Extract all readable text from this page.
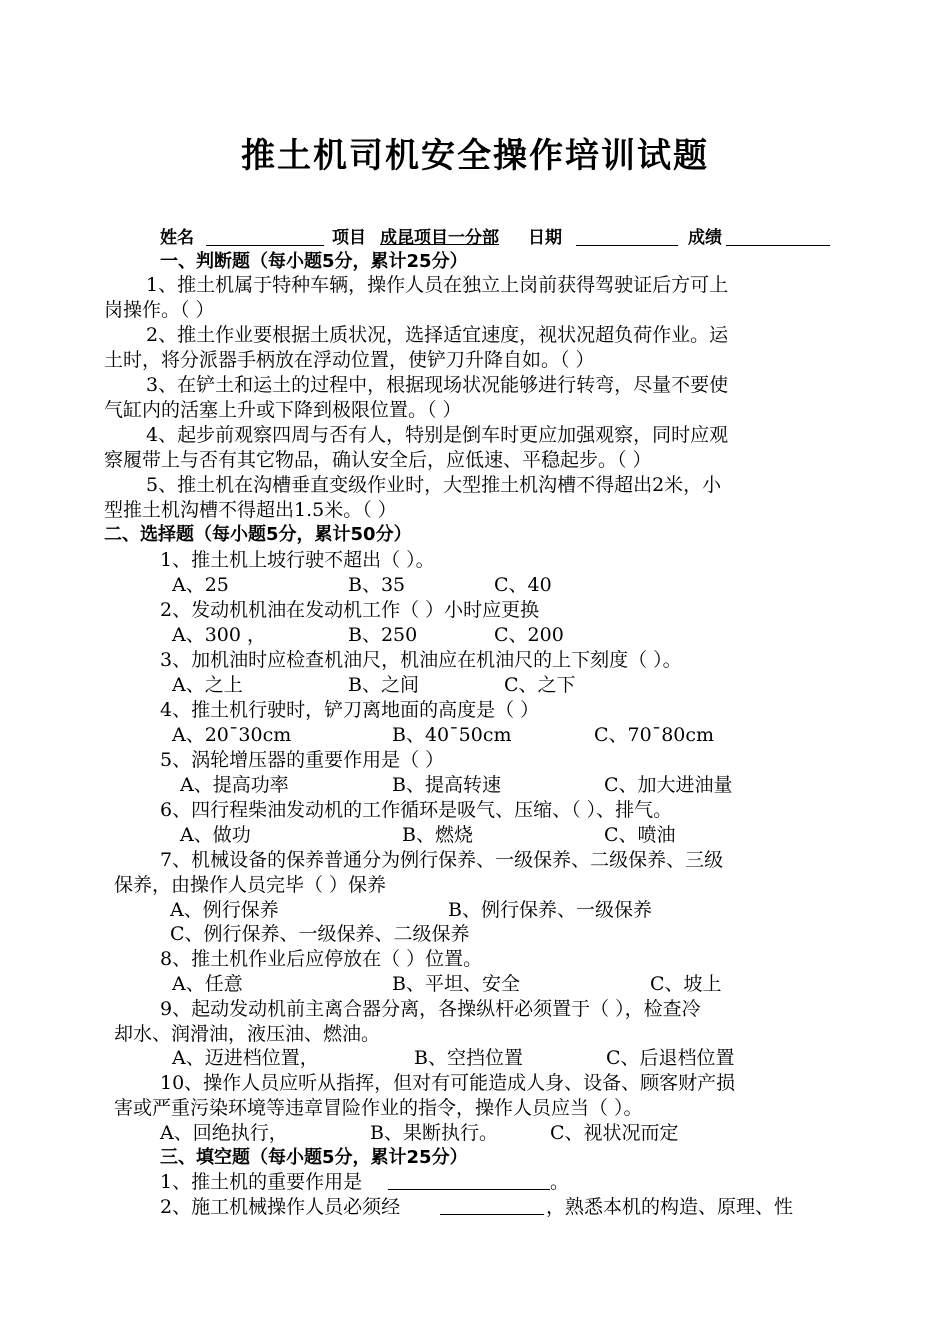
推土机司机安全操作培训试题
姓名	项目 成昆项目一分部 日期	成绩
一、判断题（每小题5分，累计25分）
1、推土机属于特种车辆，操作人员在独立上岗前获得驾驶证后方可上
岗操作。（ ）
2、推土作业要根据土质状况，选择适宜速度，视状况超负荷作业。运
土时，将分派器手柄放在浮动位置，使铲刀升降自如。（ ）
3、在铲土和运土的过程中，根据现场状况能够进行转弯，尽量不要使
气缸内的活塞上升或下降到极限位置。（ ）
4、起步前观察四周与否有人，特别是倒车时更应加强观察，同时应观
察履带上与否有其它物品，确认安全后，应低速、平稳起步。（ ）
5、推土机在沟槽垂直变级作业时，大型推土机沟槽不得超出2米，小
型推土机沟槽不得超出1.5米。（ ）
二、选择题（每小题5分，累计50分）
1、推土机上坡行驶不超出（ ）。
A、25	B、35	C、40
2、发动机机油在发动机工作（ ）小时应更换
A、300 ，	B、250	C、200
3、加机油时应检查机油尺，机油应在机油尺的上下刻度（ ）。
A、之上	B、之间	C、之下
4、推土机行驶时，铲刀离地面的高度是（ ）
A、20¯30cm	B、40¯50cm	C、70¯80cm
5、涡轮增压器的重要作用是（ ）
A、提高功率	B、提高转速	C、加大进油量
6、四行程柴油发动机的工作循环是吸气、压缩、（ ）、排气。
A、做功	B、燃烧	C、喷油
7、机械设备的保养普通分为例行保养、一级保养、二级保养、三级
保养，由操作人员完毕（ ）保养
A、例行保养	B、例行保养、一级保养
C、例行保养、一级保养、二级保养
8、推土机作业后应停放在（ ）位置。
A、任意	B、平坦、安全	C、坡上
9、起动发动机前主离合器分离，各操纵杆必须置于（ ），检查冷
却水、润滑油，液压油、燃油。
A、迈进档位置，	B、空挡位置	C、后退档位置
10、操作人员应听从指挥，但对有可能造成人身、设备、顾客财产损
害或严重污染环境等违章冒险作业的指令，操作人员应当（ ）。
A、回绝执行，	B、果断执行。	C、视状况而定
三、填空题（每小题5分，累计25分）
1、推土机的重要作用是	。
2、施工机械操作人员必须经	，熟悉本机的构造、原理、性
